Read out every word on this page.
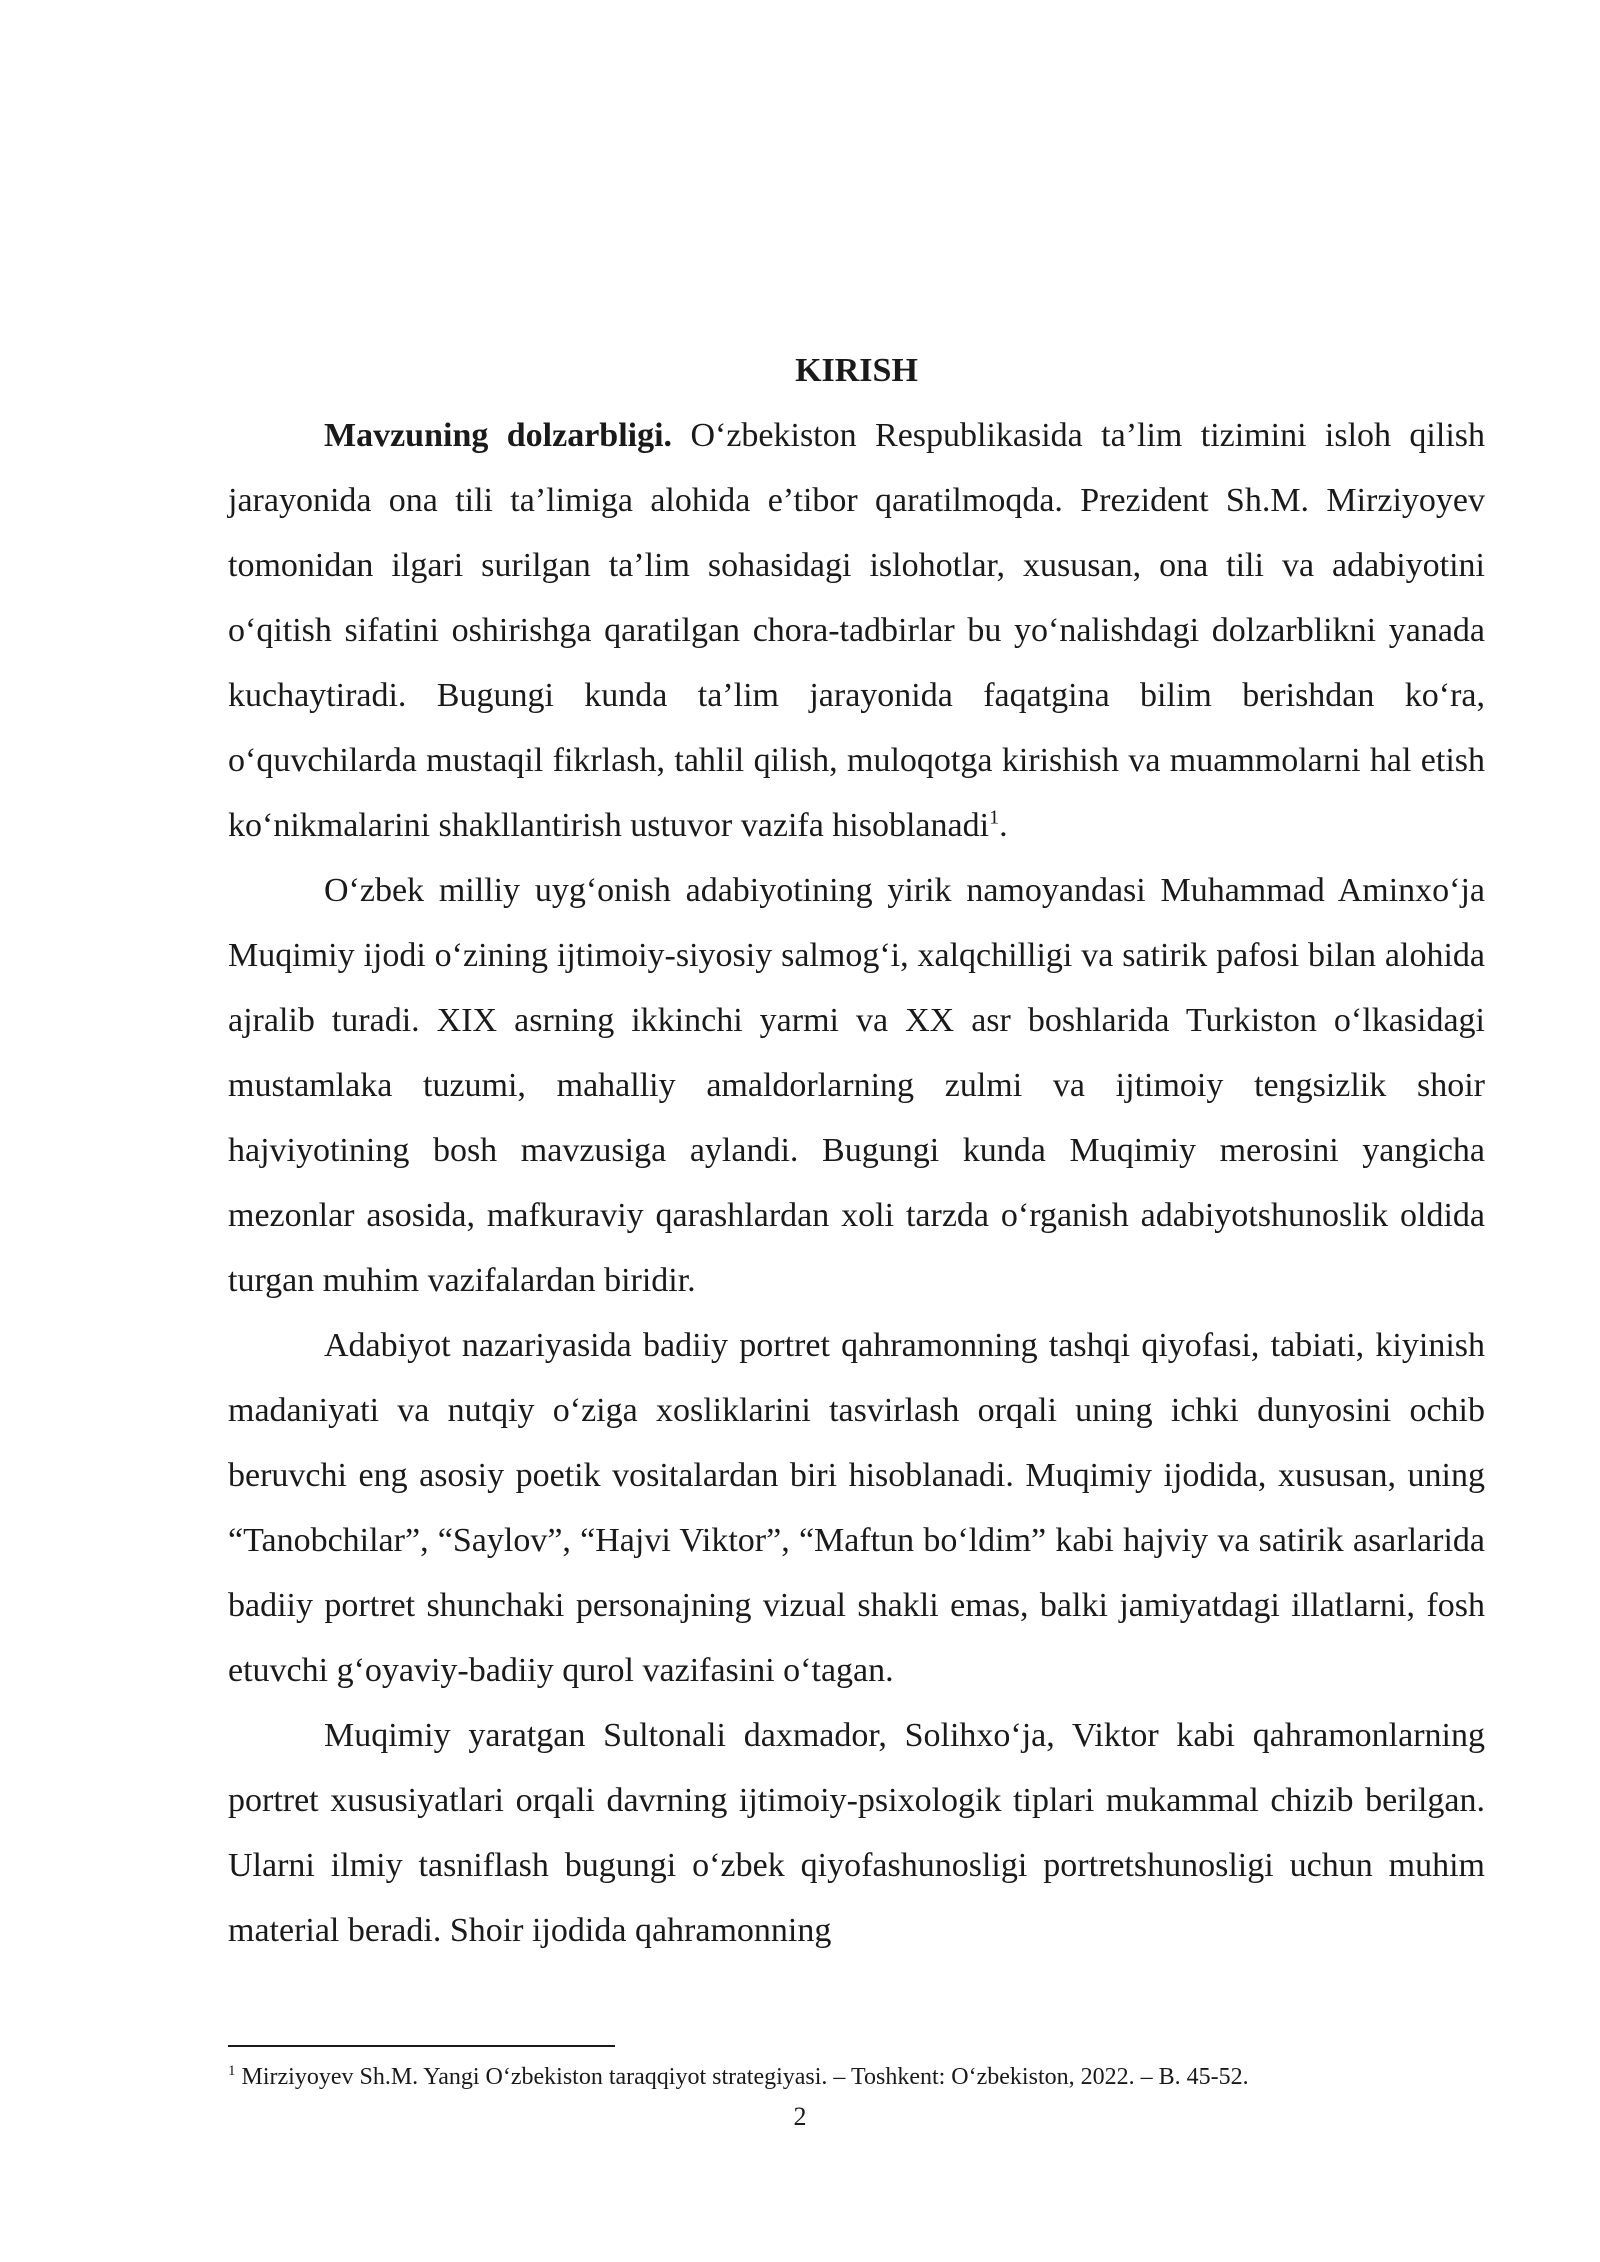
KIRISH

Mavzuning dolzarbligi. O‘zbekiston Respublikasida ta’lim tizimini isloh qilish jarayonida ona tili ta’limiga alohida e’tibor qaratilmoqda. Prezident Sh.M. Mirziyoyev tomonidan ilgari surilgan ta’lim sohasidagi islohotlar, xususan, ona tili va adabiyotini o‘qitish sifatini oshirishga qaratilgan chora-tadbirlar bu yo‘nalishdagi dolzarblikni yanada kuchaytiradi. Bugungi kunda ta’lim jarayonida faqatgina bilim berishdan ko‘ra, o‘quvchilarda mustaqil fikrlash, tahlil qilish, muloqotga kirishish va muammolarni hal etish ko‘nikmalarini shakllantirish ustuvor vazifa hisoblanadi$^1$.

O‘zbek milliy uyg‘onish adabiyotining yirik namoyandasi Muhammad Aminxo‘ja Muqimiy ijodi o‘zining ijtimoiy-siyosiy salmog‘i, xalqchilligi va satirik pafosi bilan alohida ajralib turadi. XIX asrning ikkinchi yarmi va XX asr boshlarida Turkiston o‘lkasidagi mustamlaka tuzumi, mahalliy amaldorlarning zulmi va ijtimoiy tengsizlik shoir hajviyotining bosh mavzusiga aylandi. Bugungi kunda Muqimiy merosini yangicha mezonlar asosida, mafkuraviy qarashlardan xoli tarzda o‘rganish adabiyotshunoslik oldida turgan muhim vazifalardan biridir.

Adabiyot nazariyasida badiiy portret qahramonning tashqi qiyofasi, tabiati, kiyinish madaniyati va nutqiy o‘ziga xosliklarini tasvirlash orqali uning ichki dunyosini ochib beruvchi eng asosiy poetik vositalardan biri hisoblanadi. Muqimiy ijodida, xususan, uning “Tanobchilar”, “Saylov”, “Hajvi Viktor”, “Maftun bo‘ldim” kabi hajviy va satirik asarlarida badiiy portret shunchaki personajning vizual shakli emas, balki jamiyatdagi illatlarni, fosh etuvchi g‘oyaviy-badiiy qurol vazifasini o‘tagan.

Muqimiy yaratgan Sultonali daxmador, Solihxo‘ja, Viktor kabi qahramonlarning portret xususiyatlari orqali davrning ijtimoiy-psixologik tiplari mukammal chizib berilgan. Ularni ilmiy tasniflash bugungi o‘zbek qiyofashunosligi portretshunosligi uchun muhim material beradi. Shoir ijodida qahramonning

$^1$ Mirziyoyev Sh.M. Yangi O‘zbekiston taraqqiyot strategiyasi. – Toshkent: O‘zbekiston, 2022. – B. 45-52.
2
